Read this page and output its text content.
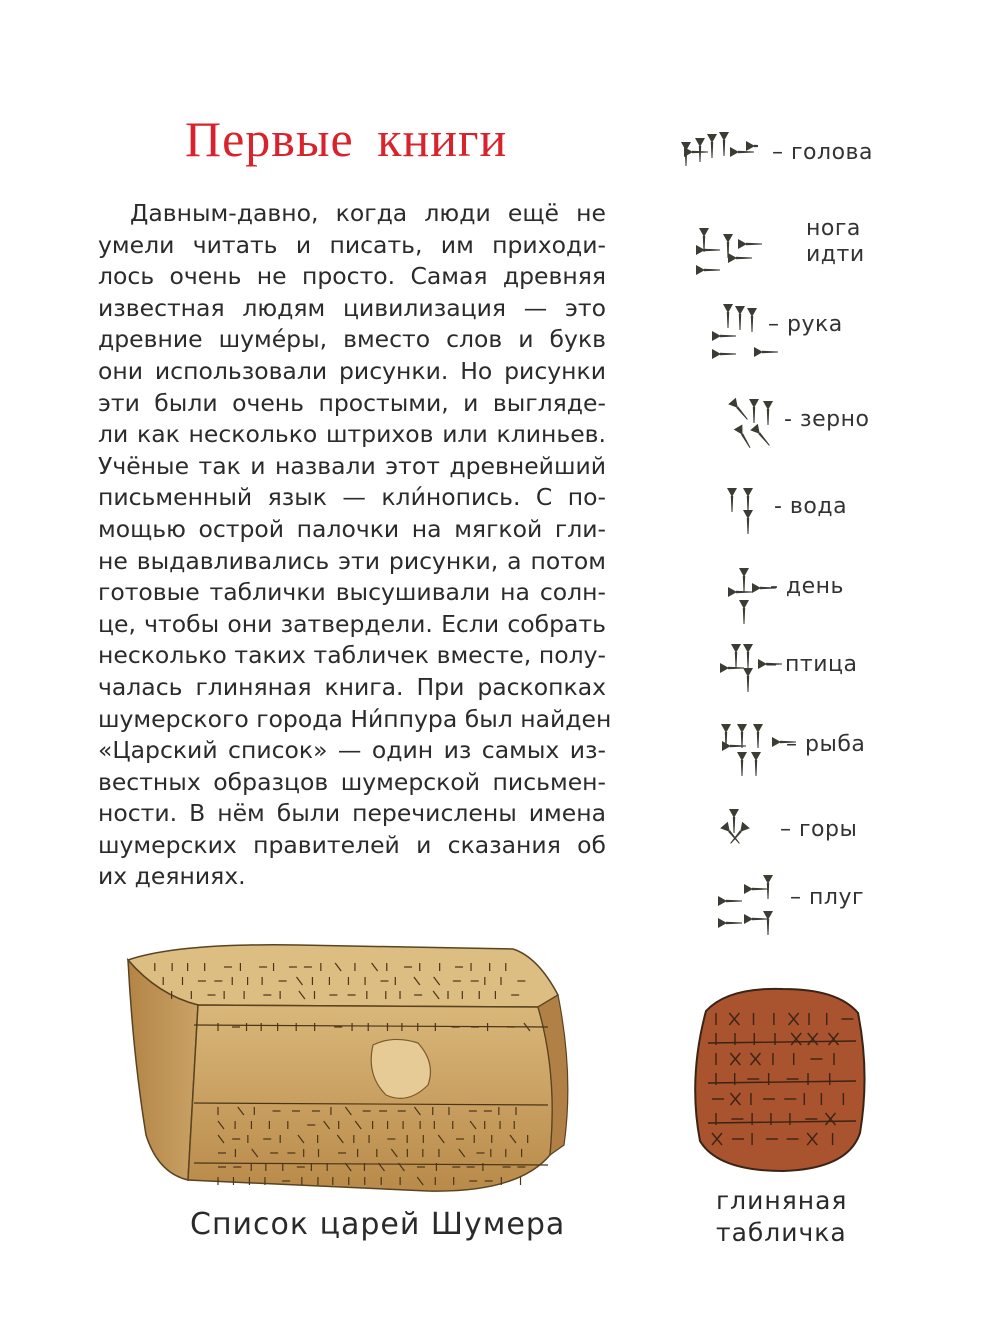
Первые книги
Давным-давно, когда люди ещё не
умели читать и писать, им приходи-
лось очень не просто. Самая древняя
известная людям цивилизация — это
древние шуме́ры, вместо слов и букв
они использовали рисунки. Но рисунки
эти были очень простыми, и выгляде-
ли как несколько штрихов или клиньев.
Учёные так и назвали этот древнейший
письменный язык — кли́нопись. С по-
мощью острой палочки на мягкой гли-
не выдавливались эти рисунки, а потом
готовые таблички высушивали на солн-
це, чтобы они затвердели. Если собрать
несколько таких табличек вместе, полу-
чалась глиняная книга. При раскопках
шумерского города Ни́ппура был найден
«Царский список» — один из самых из-
вестных образцов шумерской письмен-
ности. В нём были перечислены имена
шумерских правителей и сказания об
их деяниях.
– голова
нога
идти
– рука
- зерно
- вода
- день
– птица
– рыба
– горы
– плуг
Список царей Шумера
глиняная
табличка
